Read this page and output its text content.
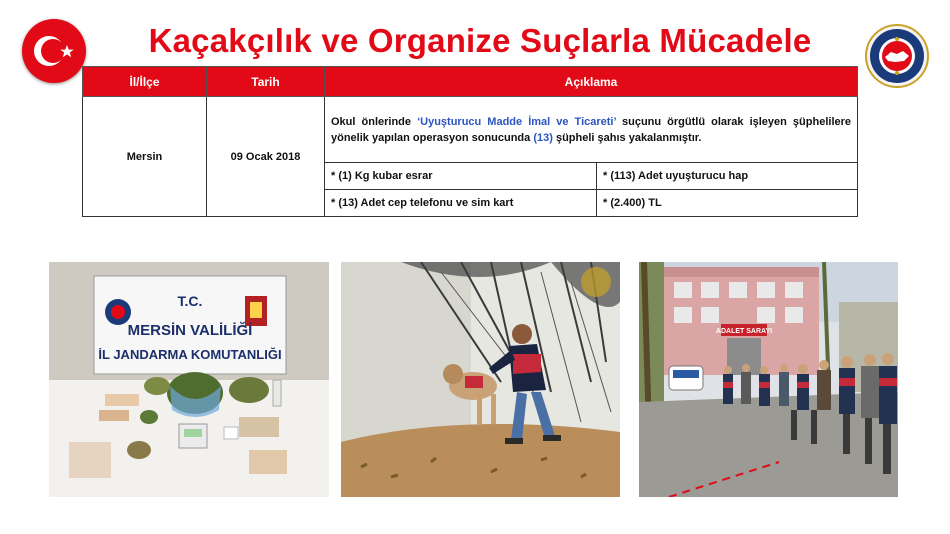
Kaçakçılık ve Organize Suçlarla Mücadele
İl/İlçe	Tarih	Açıklama	
Mersin	09 Ocak 2018	Okul önlerinde ‘Uyuşturucu Madde İmal ve Ticareti’ suçunu örgütlü olarak işleyen şüphelilere yönelik yapılan operasyon sonucunda (13) şüpheli şahıs yakalanmıştır.	
		* (1) Kg kubar esrar	* (113) Adet uyuşturucu hap
		* (13) Adet cep telefonu ve sim kart	* (2.400) TL
T.C.
MERSİN VALİLİĞİ
İL JANDARMA KOMUTANLIĞI
ADALET SARAYI
